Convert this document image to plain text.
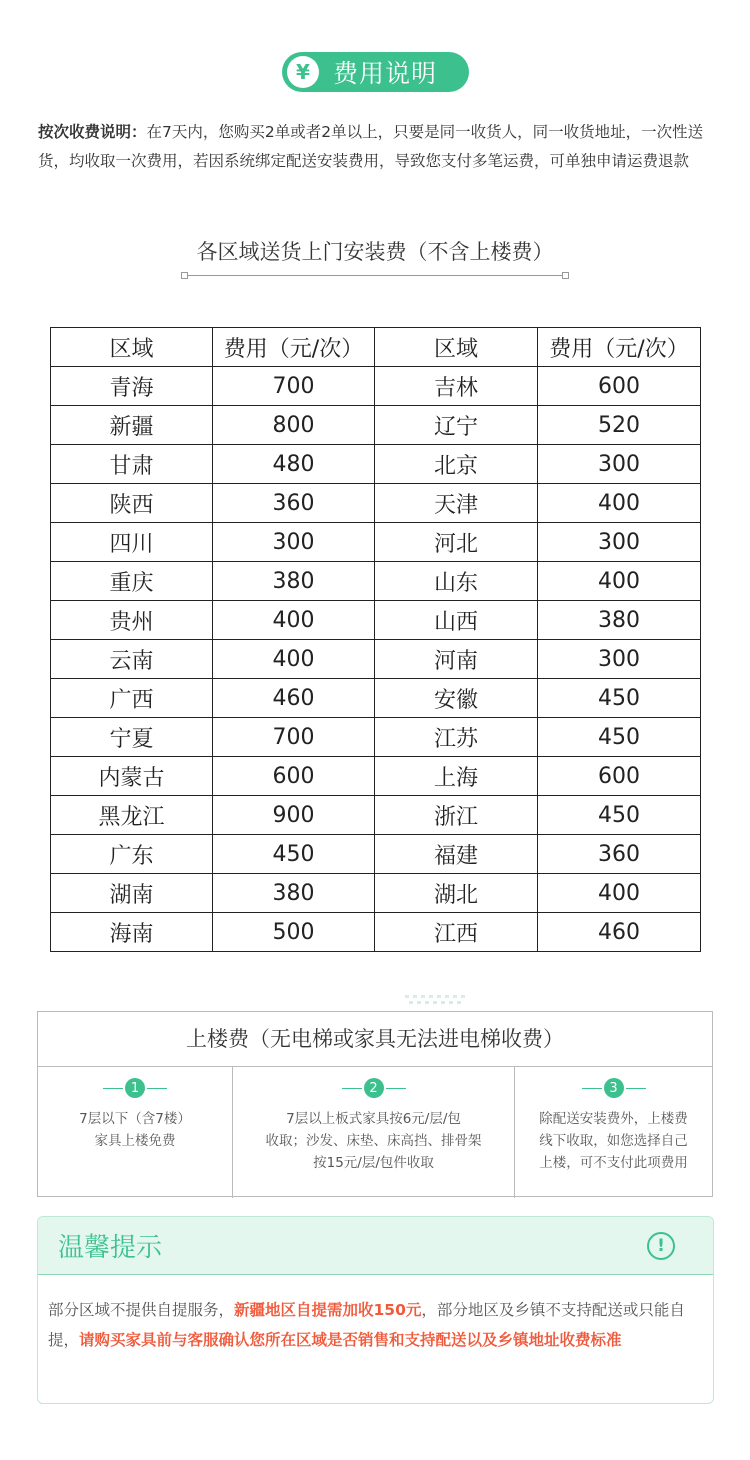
¥ 费用说明
按次收费说明：在7天内，您购买2单或者2单以上，只要是同一收货人，同一收货地址，一次性送货，均收取一次费用，若因系统绑定配送安装费用，导致您支付多笔运费，可单独申请运费退款
各区域送货上门安装费（不含上楼费）
区域	费用（元/次）	区域	费用（元/次）
青海	700	吉林	600
新疆	800	辽宁	520
甘肃	480	北京	300
陕西	360	天津	400
四川	300	河北	300
重庆	380	山东	400
贵州	400	山西	380
云南	400	河南	300
广西	460	安徽	450
宁夏	700	江苏	450
内蒙古	600	上海	600
黑龙江	900	浙江	450
广东	450	福建	360
湖南	380	湖北	400
海南	500	江西	460
上楼费（无电梯或家具无法进电梯收费）
1
7层以下（含7楼）
家具上楼免费
2
7层以上板式家具按6元/层/包
收取；沙发、床垫、床高挡、排骨架
按15元/层/包件收取
3
除配送安装费外，上楼费
线下收取，如您选择自己
上楼，可不支付此项费用
温馨提示	!
部分区域不提供自提服务，新疆地区自提需加收150元，部分地区及乡镇不支持配送或只能自提，请购买家具前与客服确认您所在区域是否销售和支持配送以及乡镇地址收费标准
